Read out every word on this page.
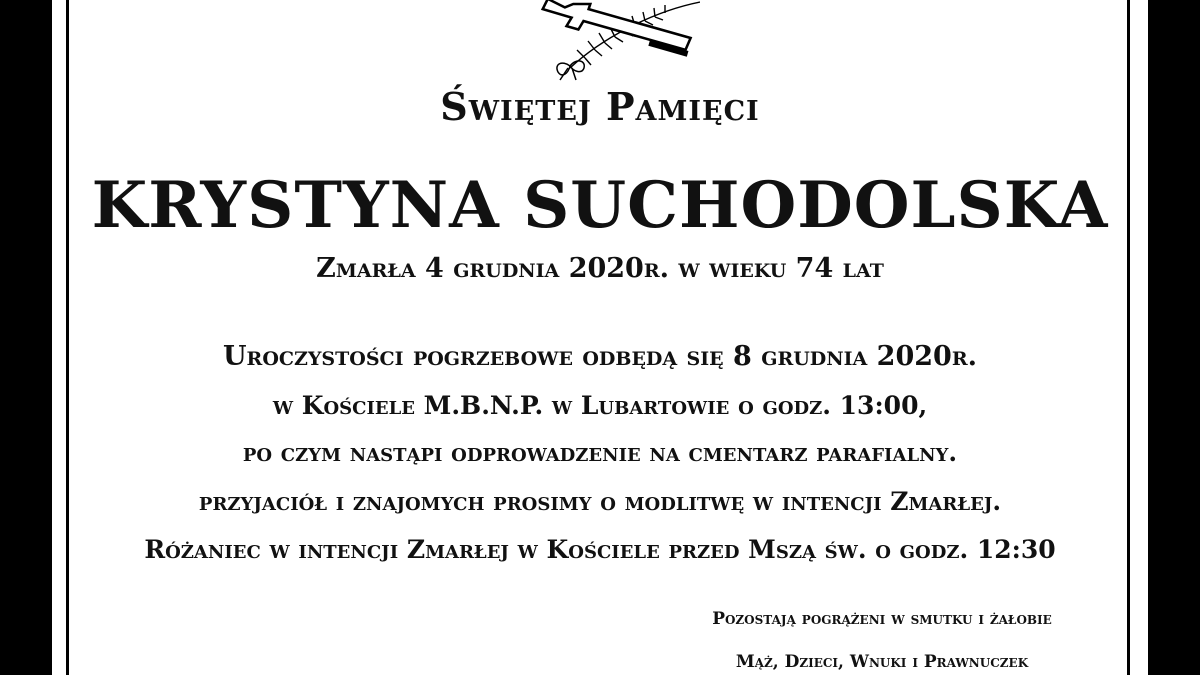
Świętej Pamięci
KRYSTYNA SUCHODOLSKA
Zmarła 4 grudnia 2020r. w wieku 74 lat
Uroczystości pogrzebowe odbędą się 8 grudnia 2020r.
w Kościele M.B.N.P. w Lubartowie o godz. 13:00,
po czym nastąpi odprowadzenie na cmentarz parafialny.
przyjaciół i znajomych prosimy o modlitwę w intencji Zmarłej.
Różaniec w intencji Zmarłej w Kościele przed Mszą św. o godz. 12:30
Pozostają pogrążeni w smutku i żałobie
Mąż, Dzieci, Wnuki i Prawnuczek
